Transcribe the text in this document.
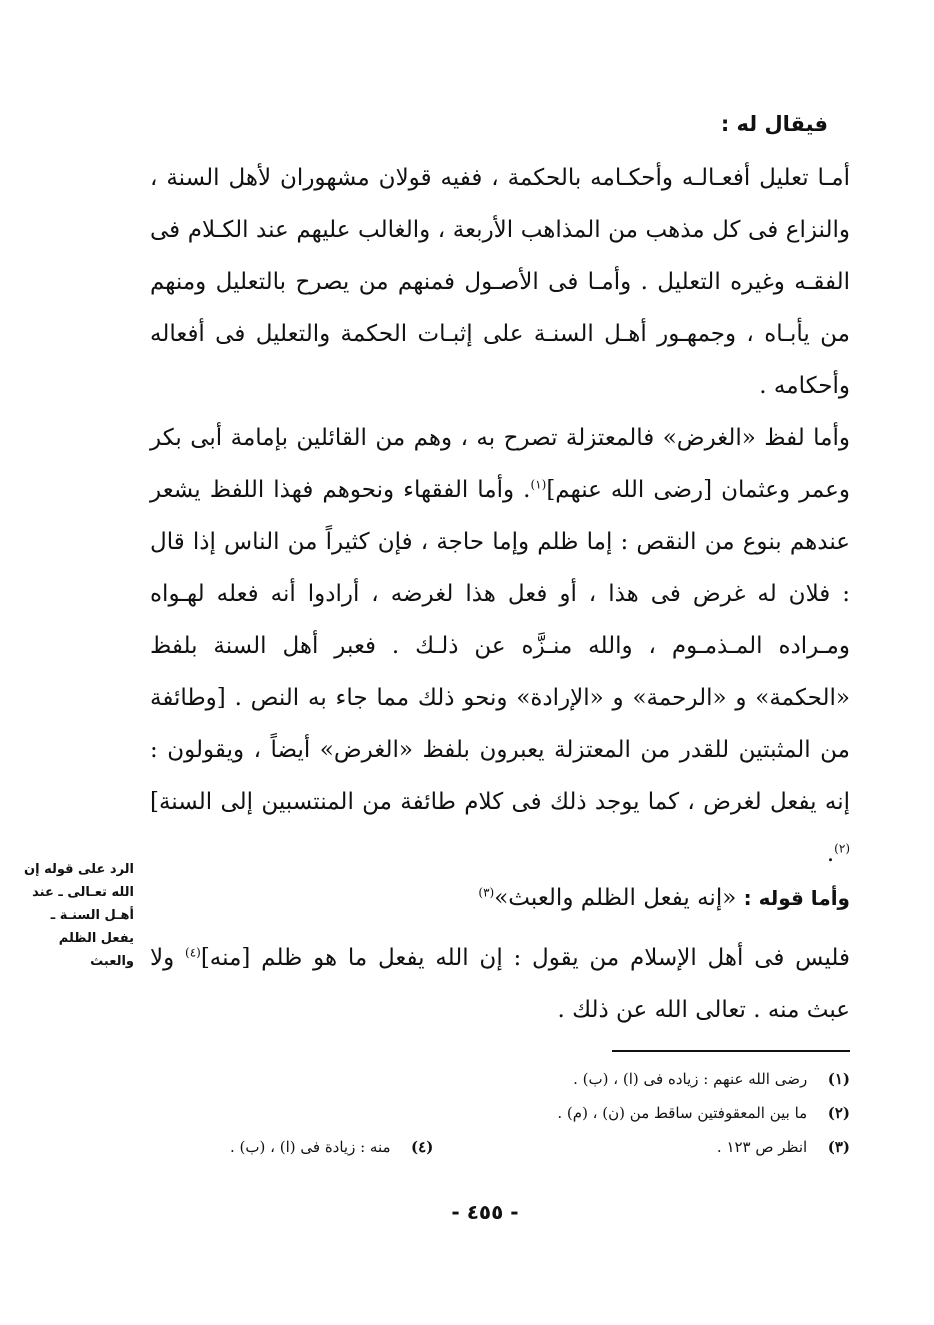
فيقال له :

أمـا تعليل أفعـالـه وأحكـامه بالحكمة ، ففيه قولان مشهوران لأهل السنة ، والنزاع فى كل مذهب من المذاهب الأربعة ، والغالب عليهم عند الكـلام فى الفقـه وغيره التعليل . وأمـا فى الأصـول فمنهم من يصرح بالتعليل ومنهم من يأبـاه ، وجمهـور أهـل السنـة على إثبـات الحكمة والتعليل فى أفعاله وأحكامه .

وأما لفظ «الغرض» فالمعتزلة تصرح به ، وهم من القائلين بإمامة أبى بكر وعمر وعثمان [رضى الله عنهم]$^{(١)}$. وأما الفقهاء ونحوهم فهذا اللفظ يشعر عندهم بنوع من النقص : إما ظلم وإما حاجة ، فإن كثيراً من الناس إذا قال : فلان له غرض فى هذا ، أو فعل هذا لغرضه ، أرادوا أنه فعله لهـواه ومـراده المـذمـوم ، والله منـزَّه عن ذلـك . فعبر أهل السنة بلفظ «الحكمة» و «الرحمة» و «الإرادة» ونحو ذلك مما جاء به النص . [وطائفة من المثبتين للقدر من المعتزلة يعبرون بلفظ «الغرض» أيضاً ، ويقولون : إنه يفعل لغرض ، كما يوجد ذلك فى كلام طائفة من المنتسبين إلى السنة]$^{(٢)}$.

وأما قوله : «إنه يفعل الظلم والعبث»$^{(٣)}$

فليس فى أهل الإسلام من يقول : إن الله يفعل ما هو ظلم [منه]$^{(٤)}$ ولا عبث منه . تعالى الله عن ذلك .

الرد على قوله إن الله تعـالى ـ عند أهـل السنـة ـ يفعل الظلم والعبث
(١) رضى الله عنهم : زياده فى (ا) ، (ب) .
(٢) ما بين المعقوفتين ساقط من (ن) ، (م) .
(٣) انظر ص ١٢٣ .
(٤) منه : زيادة فى (ا) ، (ب) .
- ٤٥٥ -
